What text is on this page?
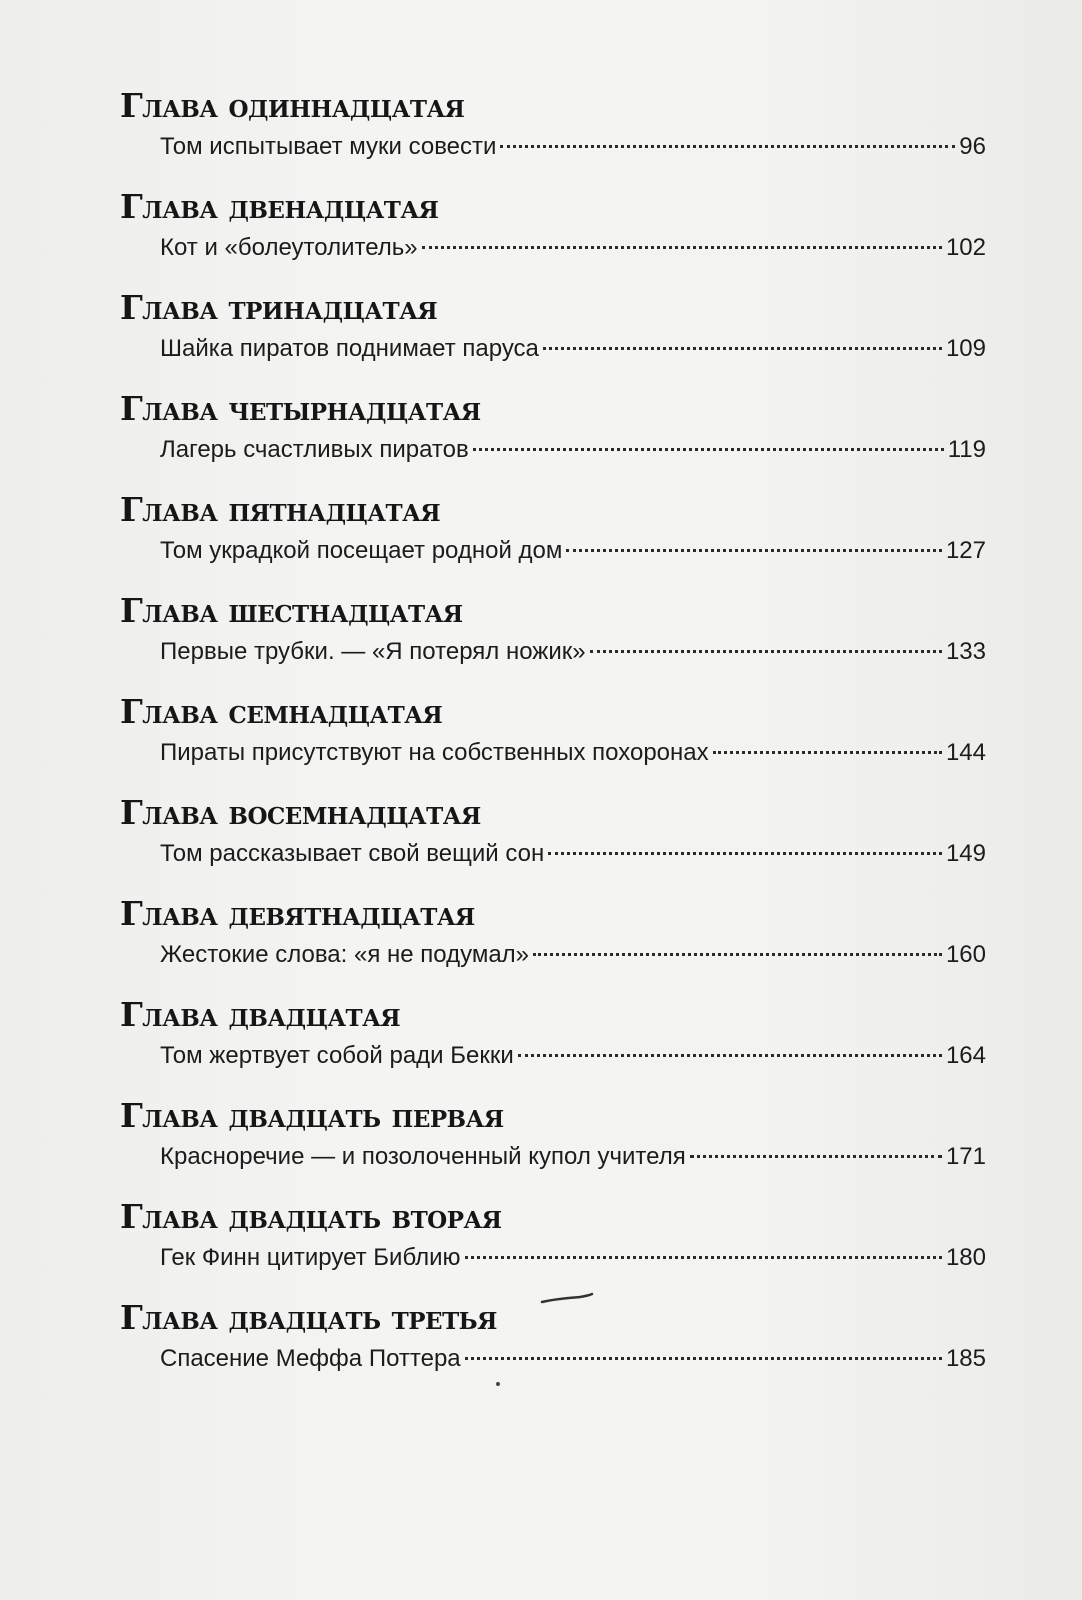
Глава одиннадцатая
Том испытывает муки совести	96
Глава двенадцатая
Кот и «болеутолитель»	102
Глава тринадцатая
Шайка пиратов поднимает паруса	109
Глава четырнадцатая
Лагерь счастливых пиратов	119
Глава пятнадцатая
Том украдкой посещает родной дом	127
Глава шестнадцатая
Первые трубки. — «Я потерял ножик»	133
Глава семнадцатая
Пираты присутствуют на собственных похоронах	144
Глава восемнадцатая
Том рассказывает свой вещий сон	149
Глава девятнадцатая
Жестокие слова: «я не подумал»	160
Глава двадцатая
Том жертвует собой ради Бекки	164
Глава двадцать первая
Красноречие — и позолоченный купол учителя	171
Глава двадцать вторая
Гек Финн цитирует Библию	180
Глава двадцать третья
Спасение Меффа Поттера	185
